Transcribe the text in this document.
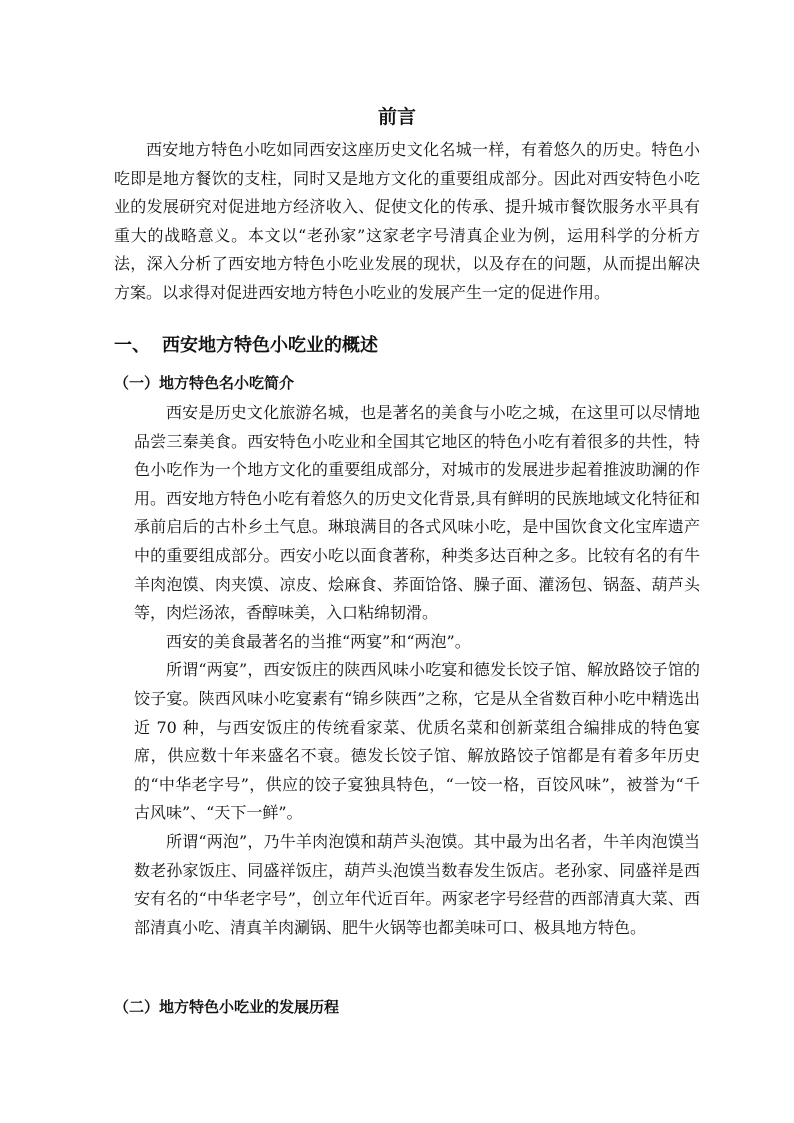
前言

西安地方特色小吃如同西安这座历史文化名城一样，有着悠久的历史。特色小吃即是地方餐饮的支柱，同时又是地方文化的重要组成部分。因此对西安特色小吃业的发展研究对促进地方经济收入、促使文化的传承、提升城市餐饮服务水平具有重大的战略意义。本文以“老孙家”这家老字号清真企业为例，运用科学的分析方法，深入分析了西安地方特色小吃业发展的现状，以及存在的问题，从而提出解决方案。以求得对促进西安地方特色小吃业的发展产生一定的促进作用。

一、 西安地方特色小吃业的概述
（一）地方特色名小吃简介

西安是历史文化旅游名城，也是著名的美食与小吃之城，在这里可以尽情地品尝三秦美食。西安特色小吃业和全国其它地区的特色小吃有着很多的共性，特色小吃作为一个地方文化的重要组成部分，对城市的发展进步起着推波助澜的作用。西安地方特色小吃有着悠久的历史文化背景,具有鲜明的民族地域文化特征和承前启后的古朴乡土气息。琳琅满目的各式风味小吃，是中国饮食文化宝库遗产中的重要组成部分。西安小吃以面食著称，种类多达百种之多。比较有名的有牛羊肉泡馍、肉夹馍、凉皮、烩麻食、荞面饸饹、臊子面、灌汤包、锅盔、葫芦头等，肉烂汤浓，香醇味美，入口粘绵韧滑。

西安的美食最著名的当推“两宴”和“两泡”。

所谓“两宴”，西安饭庄的陕西风味小吃宴和德发长饺子馆、解放路饺子馆的饺子宴。陕西风味小吃宴素有“锦乡陕西”之称，它是从全省数百种小吃中精选出近 70 种，与西安饭庄的传统看家菜、优质名菜和创新菜组合编排成的特色宴席，供应数十年来盛名不衰。德发长饺子馆、解放路饺子馆都是有着多年历史的“中华老字号”，供应的饺子宴独具特色，“一饺一格，百饺风味”，被誉为“千古风味”、“天下一鲜”。

所谓“两泡”，乃牛羊肉泡馍和葫芦头泡馍。其中最为出名者，牛羊肉泡馍当数老孙家饭庄、同盛祥饭庄，葫芦头泡馍当数春发生饭店。老孙家、同盛祥是西安有名的“中华老字号”，创立年代近百年。两家老字号经营的西部清真大菜、西部清真小吃、清真羊肉涮锅、肥牛火锅等也都美味可口、极具地方特色。

（二）地方特色小吃业的发展历程
